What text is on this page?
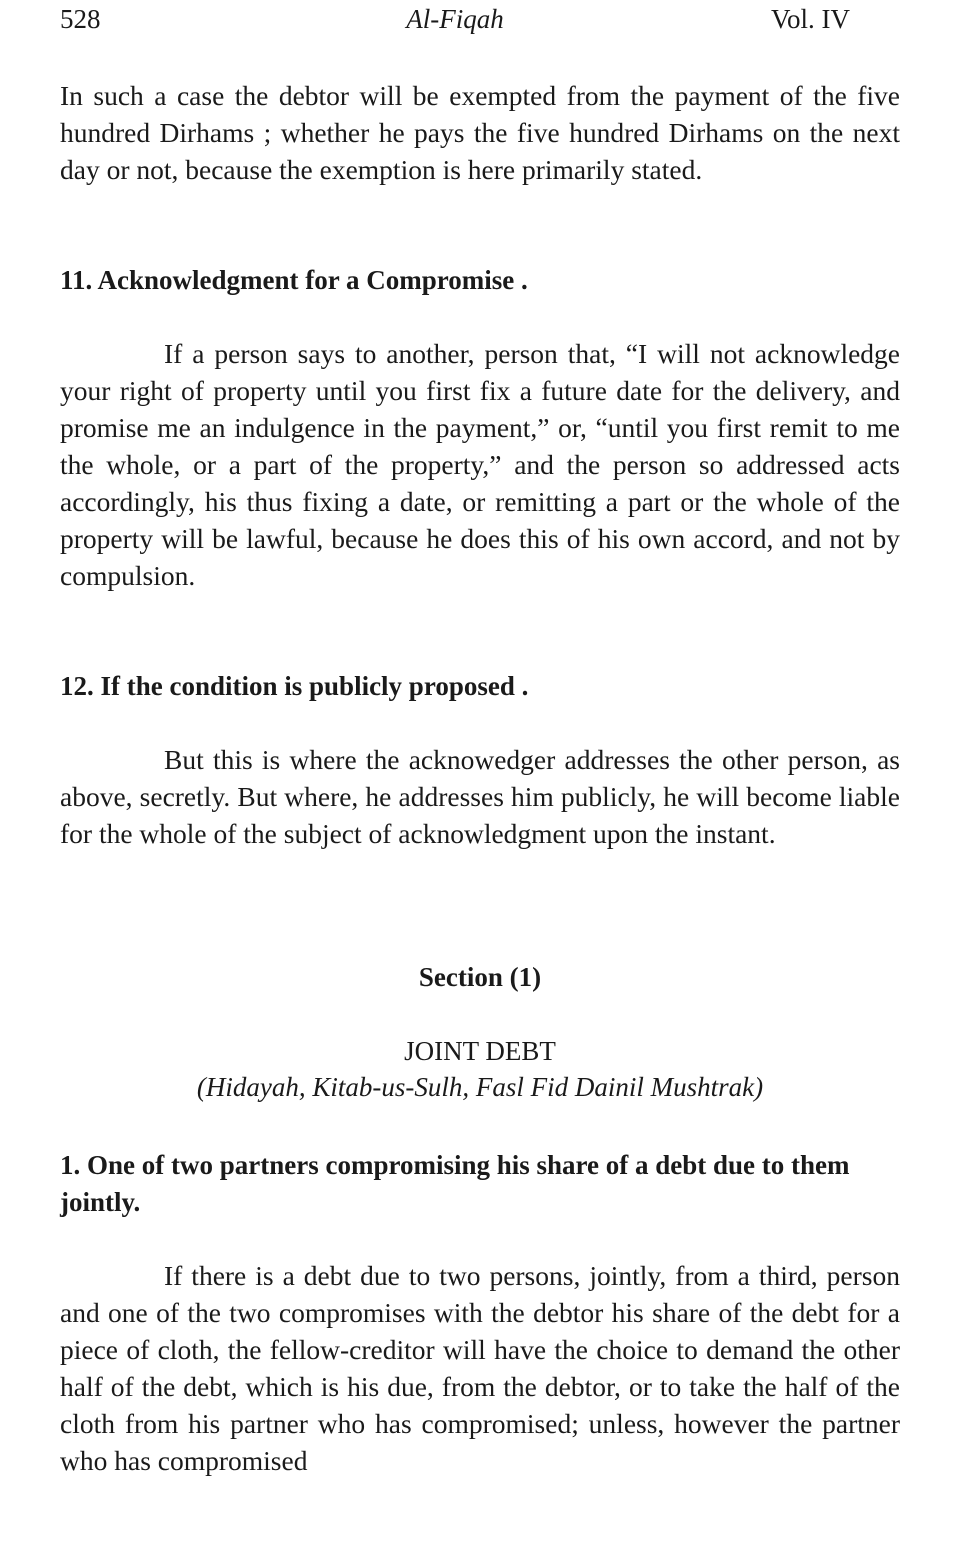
528	Al-Fiqah	Vol. IV

In such a case the debtor will be exempted from the payment of the five hundred Dirhams ; whether he pays the five hundred Dirhams on the next day or not, because the exemption is here primarily stated.

11. Acknowledgment for a Compromise .

If a person says to another, person that, “I will not acknowledge your right of property until you first fix a future date for the delivery, and promise me an indulgence in the payment,” or, “until you first remit to me the whole, or a part of the property,” and the person so addressed acts accordingly, his thus fixing a date, or remitting a part or the whole of the property will be lawful, because he does this of his own accord, and not by compulsion.

12. If the condition is publicly proposed .

But this is where the acknowedger addresses the other person, as above, secretly. But where, he addresses him publicly, he will become liable for the whole of the subject of acknowledgment upon the instant.

Section (1)

JOINT DEBT

(Hidayah, Kitab-us-Sulh, Fasl Fid Dainil Mushtrak)

1. One of two partners compromising his share of a debt due to them jointly.

If there is a debt due to two persons, jointly, from a third, person and one of the two compromises with the debtor his share of the debt for a piece of cloth, the fellow-creditor will have the choice to demand the other half of the debt, which is his due, from the debtor, or to take the half of the cloth from his partner who has compromised; unless, however the partner who has compromised
